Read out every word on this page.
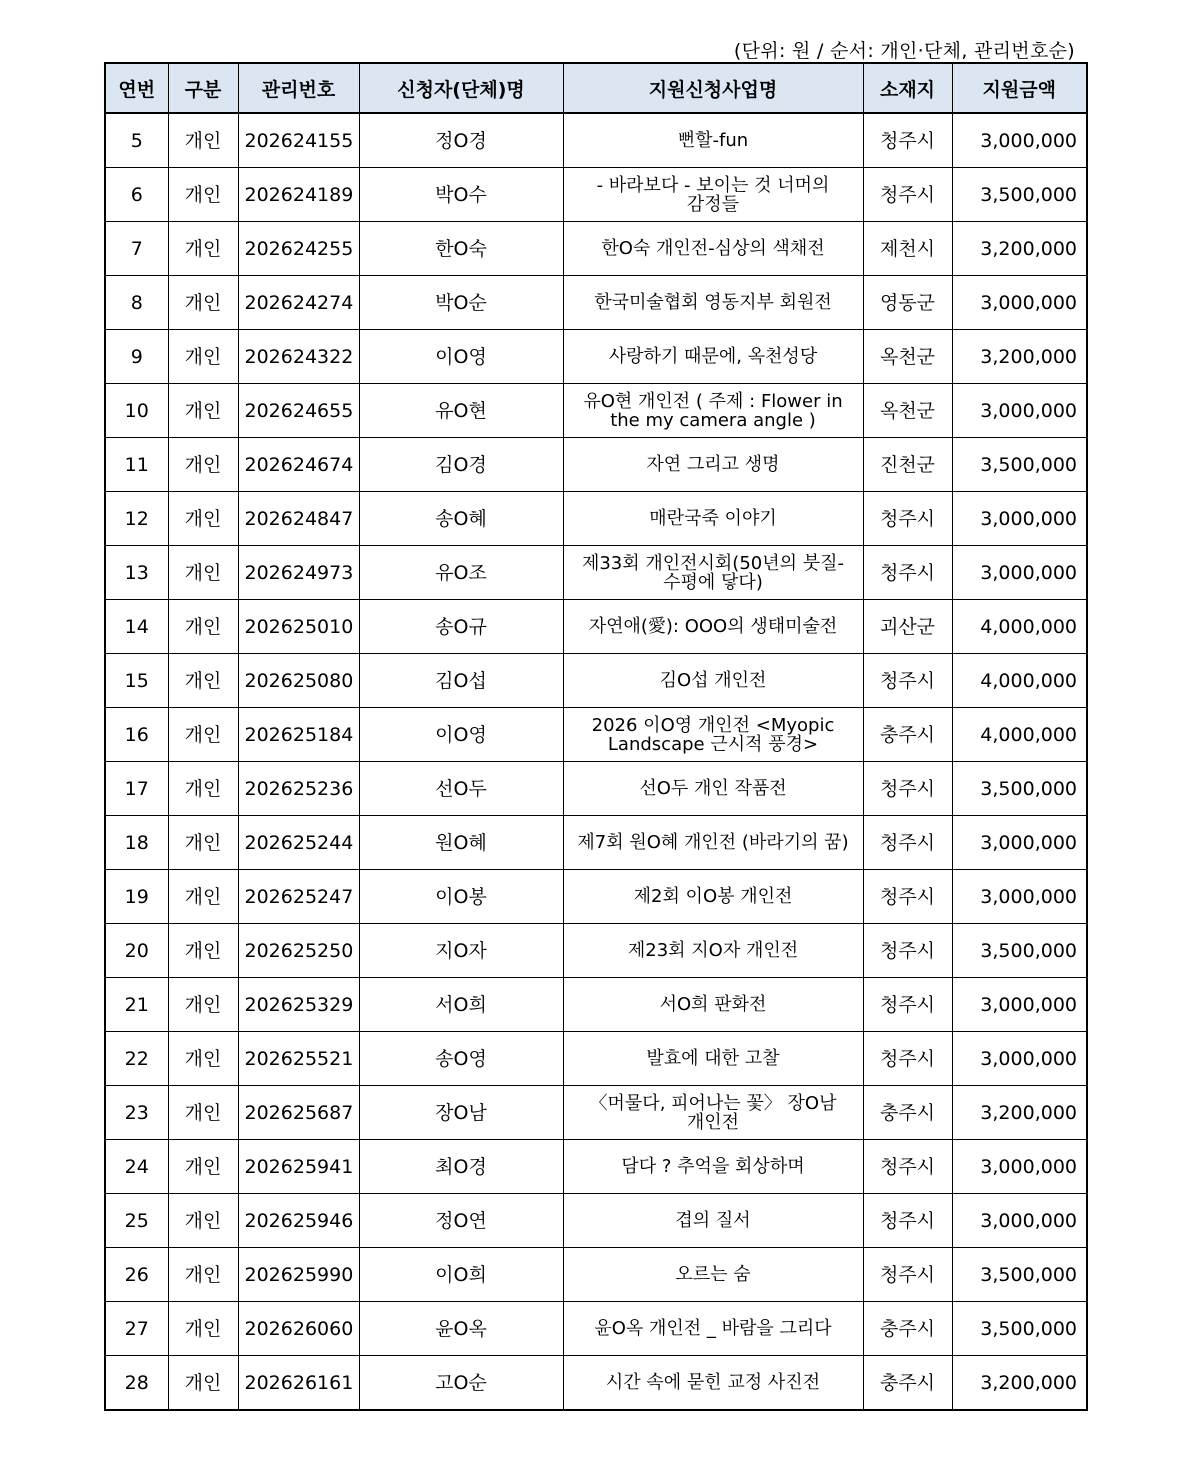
(단위: 원 / 순서: 개인·단체, 관리번호순)
연번	구분	관리번호	신청자(단체)명	지원신청사업명	소재지	지원금액
5	개인	202624155	정O경	뻔할-fun	청주시	3,000,000
6	개인	202624189	박O수	- 바라보다 - 보이는 것 너머의 감정들	청주시	3,500,000
7	개인	202624255	한O숙	한O숙 개인전-심상의 색채전	제천시	3,200,000
8	개인	202624274	박O순	한국미술협회 영동지부 회원전	영동군	3,000,000
9	개인	202624322	이O영	사랑하기 때문에, 옥천성당	옥천군	3,200,000
10	개인	202624655	유O현	유O현 개인전 ( 주제 : Flower in the my camera angle )	옥천군	3,000,000
11	개인	202624674	김O경	자연 그리고 생명	진천군	3,500,000
12	개인	202624847	송O혜	매란국죽 이야기	청주시	3,000,000
13	개인	202624973	유O조	제33회 개인전시회(50년의 붓질-수평에 닿다)	청주시	3,000,000
14	개인	202625010	송O규	자연애(愛): OOO의 생태미술전	괴산군	4,000,000
15	개인	202625080	김O섭	김O섭 개인전	청주시	4,000,000
16	개인	202625184	이O영	2026 이O영 개인전 <Myopic Landscape 근시적 풍경>	충주시	4,000,000
17	개인	202625236	선O두	선O두 개인 작품전	청주시	3,500,000
18	개인	202625244	원O혜	제7회 원O혜 개인전 (바라기의 꿈)	청주시	3,000,000
19	개인	202625247	이O봉	제2회 이O봉 개인전	청주시	3,000,000
20	개인	202625250	지O자	제23회 지O자 개인전	청주시	3,500,000
21	개인	202625329	서O희	서O희 판화전	청주시	3,000,000
22	개인	202625521	송O영	발효에 대한 고찰	청주시	3,000,000
23	개인	202625687	장O남	〈머물다, 피어나는 꽃〉 장O남 개인전	충주시	3,200,000
24	개인	202625941	최O경	담다 ? 추억을 회상하며	청주시	3,000,000
25	개인	202625946	정O연	겹의 질서	청주시	3,000,000
26	개인	202625990	이O희	오르는 숨	청주시	3,500,000
27	개인	202626060	윤O옥	윤O옥 개인전 _ 바람을 그리다	충주시	3,500,000
28	개인	202626161	고O순	시간 속에 묻힌 교정 사진전	충주시	3,200,000
